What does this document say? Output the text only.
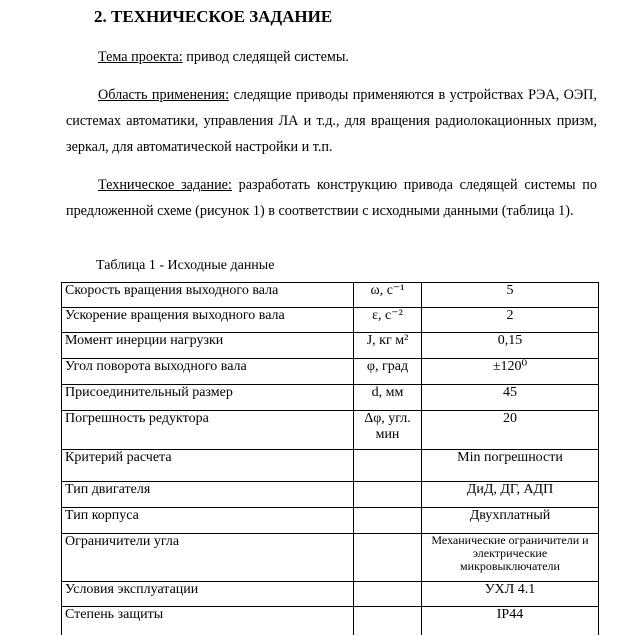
2. ТЕХНИЧЕСКОЕ ЗАДАНИЕ
Тема проекта: привод следящей системы.
Область применения: следящие приводы применяются в устройствах РЭА, ОЭП, системах автоматики, управления ЛА и т.д., для вращения радиолокационных призм, зеркал, для автоматической настройки и т.п.
Техническое задание: разработать конструкцию привода следящей системы по предложенной схеме (рисунок 1) в соответствии с исходными данными (таблица 1).
Таблица 1 - Исходные данные
Скорость вращения выходного вала	ω, с⁻¹	5
Ускорение вращения выходного вала	ε, с⁻²	2
Момент инерции нагрузки	J, кг м²	0,15
Угол поворота выходного вала	φ, град	±120⁰
Присоединительный размер	d, мм	45
Погрешность редуктора	Δφ, угл. мин	20
Критерий расчета		Min погрешности
Тип двигателя		ДиД, ДГ, АДП
Тип корпуса		Двухплатный
Ограничители угла		Механические ограничители и электрические микровыключатели
Условия эксплуатации		УХЛ 4.1
Степень защиты		IP44
